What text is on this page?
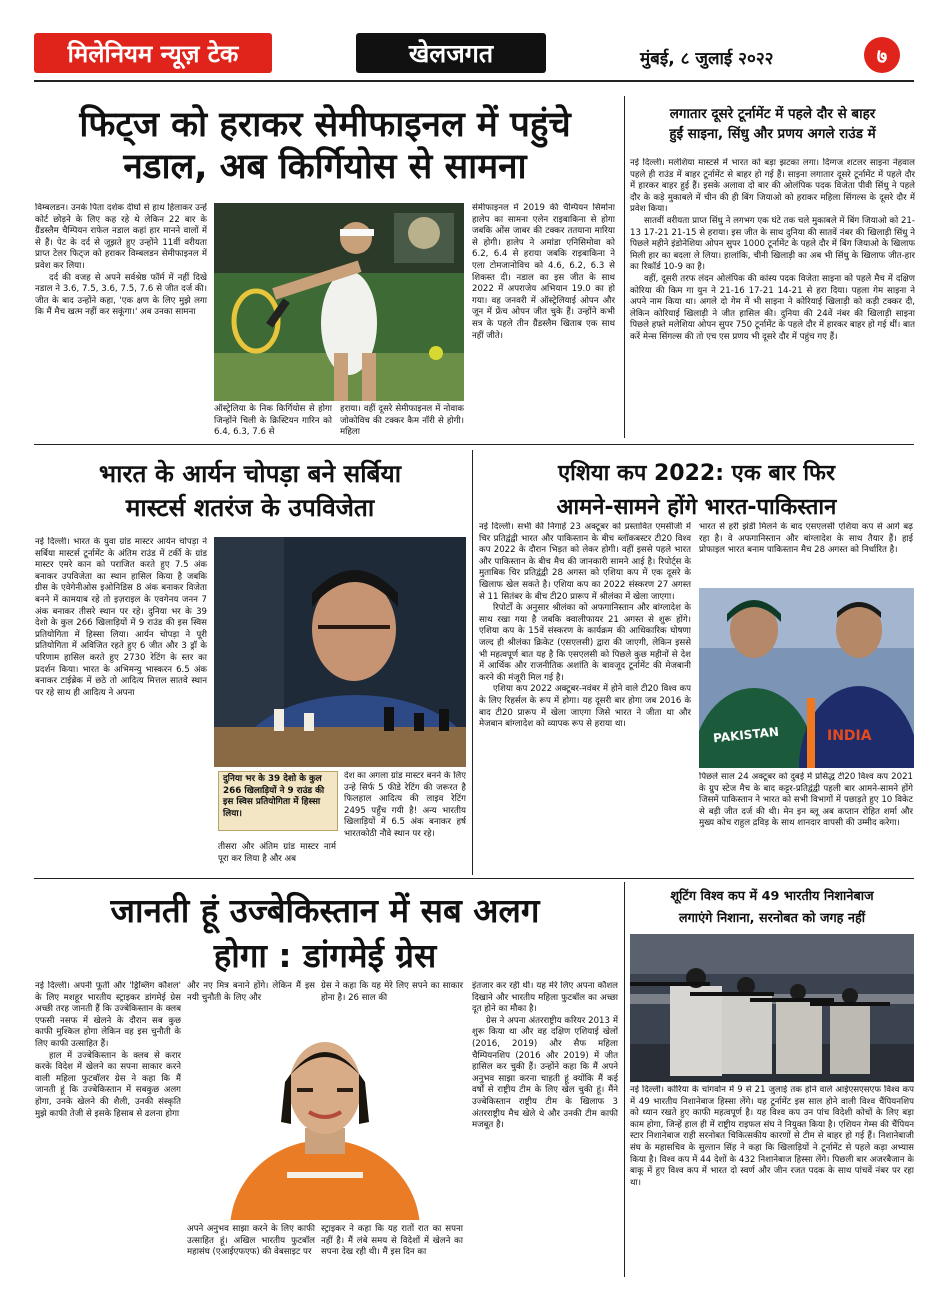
मिलेनियम न्यूज़ टेक	खेलजगत	मुंबई, ८ जुलाई २०२२	७
फिट्ज को हराकर सेमीफाइनल में पहुंचे
नडाल, अब किर्गियोस से सामना

विम्बलडन। उनके पिता दर्शक दीर्घा से हाथ हिलाकर उन्हें कोर्ट छोड़ने के लिए कह रहे थे लेकिन 22 बार के ग्रैंडस्लैम चैम्पियन राफेल नडाल कहां हार मानने वालों में से हैं। पेट के दर्द से जूझते हुए उन्होंने 11वीं वरीयता प्राप्त टेलर फिट्ज को हराकर विम्बलडन सेमीफाइनल में प्रवेश कर लिया।

दर्द की वजह से अपने सर्वश्रेष्ठ फॉर्म में नहीं दिखे नडाल ने 3.6, 7.5, 3.6, 7.5, 7.6 से जीत दर्ज की। जीत के बाद उन्होंने कहा, 'एक क्षण के लिए मुझे लगा कि मैं मैच खत्म नहीं कर सकूंगा।' अब उनका सामना

ऑस्ट्रेलिया के निक किर्गियोस से होगा जिन्होंने चिली के क्रिस्टियन गारिन को 6.4, 6.3, 7.6 से
हराया। वहीं दूसरे सेमीफाइनल में नोवाक जोकोविच की टक्कर कैम नॉरी से होगी। महिला

सेमीफाइनल में 2019 की चैम्पियन सिमोना हालेप का सामना एलेन राइबाकिना से होगा जबकि ओंस जाबर की टक्कर ततयाना मारिया से होगी। हालेप ने अमांडा एनिसिमोवा को 6.2, 6.4 से हराया जबकि राइबाकिना ने एला टोमजानोविच को 4.6, 6.2, 6.3 से शिकस्त दी। नडाल का इस जीत के साथ 2022 में अपराजेय अभियान 19.0 का हो गया। वह जनवरी में ऑस्ट्रेलियाई ओपन और जून में फ्रेंच ओपन जीत चुके हैं। उन्होंने कभी सत्र के पहले तीन ग्रैंडस्लैम खिताब एक साथ नहीं जीते।

लगातार दूसरे टूर्नामेंट में पहले दौर से बाहर
हुईं साइना, सिंधु और प्रणय अगले राउंड में

नई दिल्ली। मलेशिया मास्टर्स में भारत को बड़ा झटका लगा। दिग्गज शटलर साइना नेहवाल पहले ही राउंड में बाहर टूर्नामेंट से बाहर हो गई हैं। साइना लगातार दूसरे टूर्नामेंट में पहले दौर में हारकर बाहर हुई हैं। इसके अलावा दो बार की ओलंपिक पदक विजेता पीवी सिंधु ने पहले दौर के कड़े मुकाबले में चीन की ही बिंग जियाओ को हराकर महिला सिंगल्स के दूसरे दौर में प्रवेश किया।

सातवीं वरीयता प्राप्त सिंधु ने लगभग एक घंटे तक चले मुकाबले में बिंग जियाओ को 21-13 17-21 21-15 से हराया। इस जीत के साथ दुनिया की सातवें नंबर की खिलाड़ी सिंधु ने पिछले महीने इंडोनेशिया ओपन सुपर 1000 टूर्नामेंट के पहले दौर में बिंग जियाओ के खिलाफ मिली हार का बदला ले लिया। हालांकि, चीनी खिलाड़ी का अब भी सिंधु के खिलाफ जीत-हार का रिकॉर्ड 10-9 का है।

वहीं, दूसरी तरफ लंदन ओलंपिक की कांस्य पदक विजेता साइना को पहले मैच में दक्षिण कोरिया की किम गा युन ने 21-16 17-21 14-21 से हरा दिया। पहला गेम साइना ने अपने नाम किया था। अगले दो गेम में भी साइना ने कोरियाई खिलाड़ी को कड़ी टक्कर दी, लेकिन कोरियाई खिलाड़ी ने जीत हासिल की। दुनिया की 24वें नंबर की खिलाड़ी साइना पिछले हफ्ते मलेशिया ओपन सुपर 750 टूर्नामेंट के पहले दौर में हारकर बाहर हो गई थीं। बात करें मेन्स सिंगल्स की तो एच एस प्रणय भी दूसरे दौर में पहुंच गए हैं।

भारत के आर्यन चोपड़ा बने सर्बिया
मास्टर्स शतरंज के उपविजेता

नई दिल्ली। भारत के युवा ग्रांड मास्टर आर्यन चोपड़ा ने सर्बिया मास्टर्स टूर्नामेंट के अंतिम राउंड में टर्की के ग्रांड मास्टर एमरे कान को पराजित करते हुए 7.5 अंक बनाकर उपविजेता का स्थान हासिल किया है जबकि ग्रीस के एवेगेनीओस इओनिडिस 8 अंक बनाकर विजेता बनने में कामयाब रहे तो इज़राइल के एवगेनय जनन 7 अंक बनाकर तीसरे स्थान पर रहे। दुनिया भर के 39 देशो के कुल 266 खिलाड़ियों में 9 राउंड की इस स्विस प्रतियोगिता में हिस्सा लिया। आर्यन चोपड़ा ने पूरी प्रतियोगिता में अविजित रहते हुए 6 जीत और 3 ड्रॉ के परिणाम हासिल करते हुए 2730 रेटिंग के स्तर का प्रदर्शन किया। भारत के अभिमन्यु भास्करन 6.5 अंक बनाकर टाईब्रेक में छठे तो आदित्य मित्तल सातवे स्थान पर रहे साथ ही आदित्य ने अपना

दुनिया भर के 39 देशो के कुल 266 खिलाड़ियों ने 9 राउंड की इस स्विस प्रतियोगिता में हिस्सा लिया।
तीसरा और अंतिम ग्रांड मास्टर नार्म पूरा कर लिया है और अब

देश का अगला ग्रांड मास्टर बनने के लिए उन्हे सिर्फ 5 फीडे रेटिंग की जरूरत है फिलहाल आदित्य की लाइव रेटिंग 2495 पहुँच गयी है! अन्य भारतीय खिलाड़ियों में 6.5 अंक बनाकर हर्ष भारतकोठी नौवे स्थान पर रहे।

एशिया कप 2022: एक बार फिर
आमने-सामने होंगे भारत-पाकिस्तान

नई दिल्ली। सभी की निगाहें 23 अक्टूबर को प्रस्तावित एमसीजी में चिर प्रतिद्वंद्वी भारत और पाकिस्तान के बीच ब्लॉकबस्टर टी20 विश्व कप 2022 के दौरान भिड़त को लेकर होगी। वहीं इससे पहले भारत और पाकिस्तान के बीच मैच की जानकारी सामने आई है। रिपोर्ट्स के मुताबिक चिर प्रतिद्वंद्वी 28 अगस्त को एशिया कप में एक दूसरे के खिलाफ खेल सकते है। एशिया कप का 2022 संस्करण 27 अगस्त से 11 सितंबर के बीच टी20 प्रारूप में श्रीलंका में खेला जाएगा।

रिपोर्टों के अनुसार श्रीलंका को अफगानिस्तान और बांग्लादेश के साथ रखा गया है जबकि क्वालीफायर 21 अगस्त से शुरू होंगे। एशिया कप के 15वें संस्करण के कार्यक्रम की आधिकारिक घोषणा जल्द ही श्रीलंका क्रिकेट (एसएलसी) द्वारा की जाएगी, लेकिन इससे भी महत्वपूर्ण बात यह है कि एसएलसी को पिछले कुछ महीनों से देश में आर्थिक और राजनीतिक अशांति के बावजूद टूर्नामेंट की मेजबानी करने की मंजूरी मिल गई है।

एशिया कप 2022 अक्टूबर-नवंबर में होने वाले टी20 विश्व कप के लिए रिहर्सल के रूप में होगा। यह दूसरी बार होगा जब 2016 के बाद टी20 प्रारूप में खेला जाएगा जिसे भारत ने जीता था और मेजबान बांग्लादेश को व्यापक रूप से हराया था।

भारत से हरी झंडी मिलने के बाद एसएलसी एशिया कप से आगे बढ़ रहा है। वे अफगानिस्तान और बांग्लादेश के साथ तैयार हैं। हाई प्रोफाइल भारत बनाम पाकिस्तान मैच 28 अगस्त को निर्धारित है।

PAKISTAN	INDIA

पिछले साल 24 अक्टूबर को दुबई में प्रसिद्ध टी20 विश्व कप 2021 के ग्रुप स्टेज मैच के बाद कट्टर-प्रतिद्वंद्वी पहली बार आमने-सामने होंगे जिसमें पाकिस्तान ने भारत को सभी विभागों में पछाड़ते हुए 10 विकेट से बड़ी जीत दर्ज की थी। मेन इन ब्लू अब कप्तान रोहित शर्मा और मुख्य कोच राहुल द्रविड़ के साथ शानदार वापसी की उम्मीद करेगा।

जानती हूं उज्बेकिस्तान में सब अलग
होगा : डांगमेई ग्रेस

नई दिल्ली। अपनी फूर्ती और 'ड्रिब्लिंग कौशल' के लिए मशहूर भारतीय स्ट्राइकर डांगमेई ग्रेस अच्छी तरह जानती हैं कि उज्बेकिस्तान के क्लब एफसी नसफ में खेलने के दौरान सब कुछ काफी मुश्किल होगा लेकिन वह इस चुनौती के लिए काफी उत्साहित हैं।

हाल में उज्बेकिस्तान के क्लब से करार करके विदेश में खेलने का सपना साकार करने वाली महिला फुटबॉलर ग्रेस ने कहा कि मैं जानती हूं कि उज्बेकिस्तान में सबकुछ अलग होगा, उनके खेलने की शैली, उनकी संस्कृति मुझे काफी तेजी से इसके हिसाब से ढलना होगा

और नए मित्र बनाने होंगे। लेकिन मैं इस नयी चुनौती के लिए और
ग्रेस ने कहा कि यह मेरे लिए सपने का साकार होना है। 26 साल की
अपने अनुभव साझा करने के लिए काफी उत्साहित हूं। अखिल भारतीय फुटबॉल महासंघ (एआईएफएफ) की वेबसाइट पर
स्ट्राइकर ने कहा कि यह रातों रात का सपना नहीं है। मैं लंबे समय से विदेशों में खेलने का सपना देख रही थी। मैं इस दिन का

इंतजार कर रही थी। यह मेरे लिए अपना कौशल दिखाने और भारतीय महिला फुटबॉल का अच्छा दूत होने का मौका है।

ग्रेस ने अपना अंतरराष्ट्रीय करियर 2013 में शुरू किया था और वह दक्षिण एशियाई खेलों (2016, 2019) और सैफ महिला चैम्पियनशिप (2016 और 2019) में जीत हासिल कर चुकी हैं। उन्होंने कहा कि मैं अपने अनुभव साझा करना चाहती हूं क्योंकि मैं कई वर्षों से राष्ट्रीय टीम के लिए खेल चुकी हूं। मैंने उज्बेकिस्तान राष्ट्रीय टीम के खिलाफ 3 अंतरराष्ट्रीय मैच खेले थे और उनकी टीम काफी मजबूत है।

शूटिंग विश्व कप में 49 भारतीय निशानेबाज
लगाएंगे निशाना, सरनोबत को जगह नहीं

नई दिल्ली। कोरिया के चांगवोन में 9 से 21 जुलाई तक होने वाले आईएसएसएफ विश्व कप में 49 भारतीय निशानेबाज हिस्सा लेंगे। यह टूर्नामेंट इस साल होने वाली विश्व चैंपियनशिप को ध्यान रखते हुए काफी महत्वपूर्ण है। यह विश्व कप उन पांच विदेशी कोचों के लिए बड़ा काम होगा, जिन्हें हाल ही में राष्ट्रीय राइफल संघ ने नियुक्त किया है। एशियन गेम्स की चैंपियन स्टार निशानेबाज राही सरनोबत चिकित्सकीय कारणों से टीम से बाहर हो गई हैं। निशानेबाजी संघ के महासचिव के सुल्तान सिंह ने कहा कि खिलाड़ियों ने टूर्नामेंट से पहले कड़ा अभ्यास किया है। विश्व कप में 44 देशों के 432 निशानेबाज हिस्सा लेंगे। पिछली बार अजरबैजान के बाकू में हुए विश्व कप में भारत दो स्वर्ण और जीन रजत पदक के साथ पांचवें नंबर पर रहा था।
